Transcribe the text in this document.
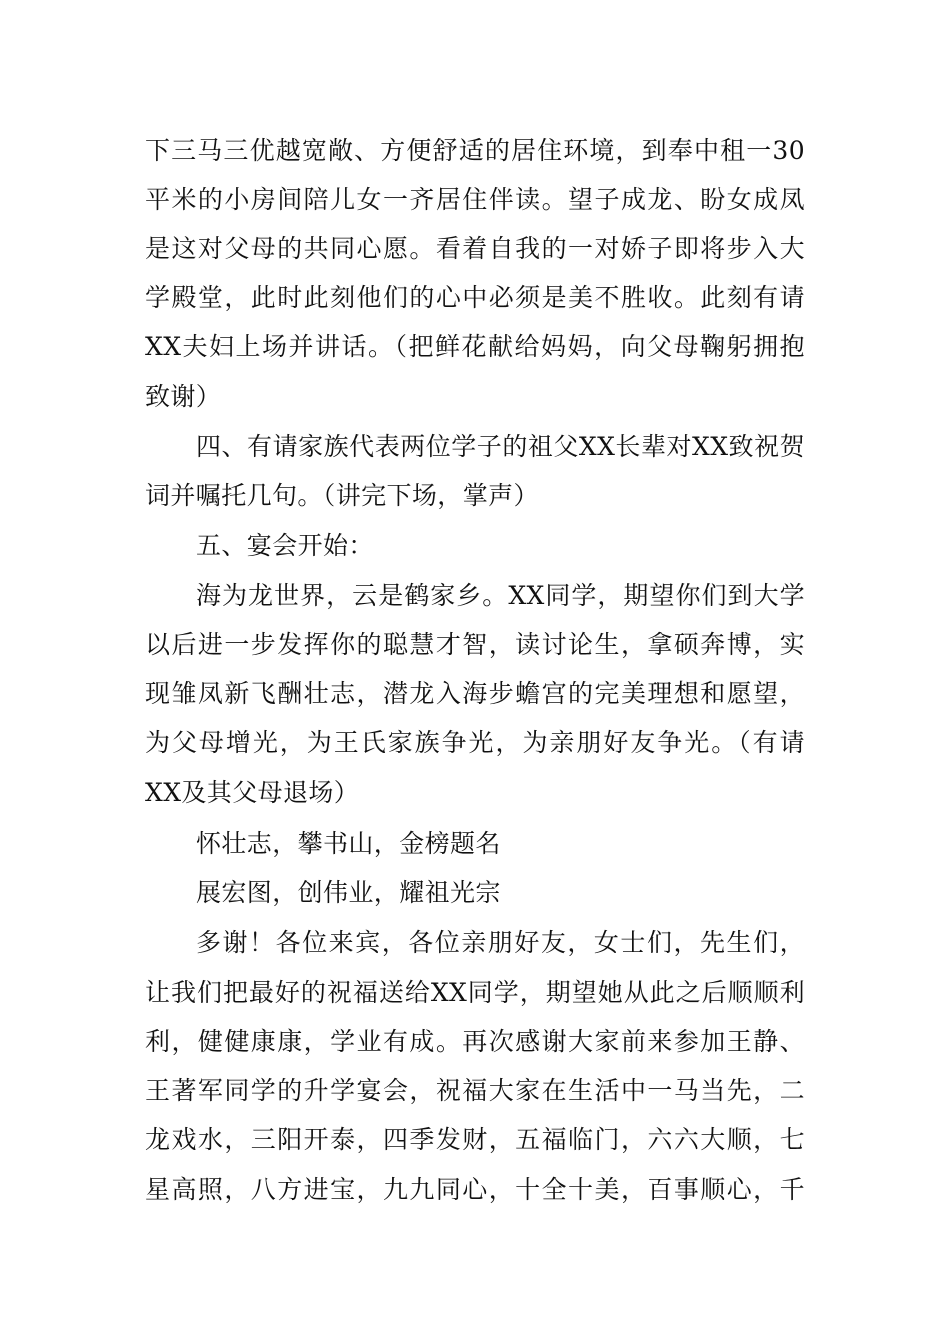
下三马三优越宽敞、方便舒适的居住环境，到奉中租一30
平米的小房间陪儿女一齐居住伴读。望子成龙、盼女成凤
是这对父母的共同心愿。看着自我的一对娇子即将步入大
学殿堂，此时此刻他们的心中必须是美不胜收。此刻有请
XX夫妇上场并讲话。（把鲜花献给妈妈，向父母鞠躬拥抱
致谢）
四、有请家族代表两位学子的祖父XX长辈对XX致祝贺
词并嘱托几句。（讲完下场，掌声）
五、宴会开始：
海为龙世界，云是鹤家乡。XX同学，期望你们到大学
以后进一步发挥你的聪慧才智，读讨论生，拿硕奔博，实
现雏凤新飞酬壮志，潜龙入海步蟾宫的完美理想和愿望，
为父母增光，为王氏家族争光，为亲朋好友争光。（有请
XX及其父母退场）
怀壮志，攀书山，金榜题名
展宏图，创伟业，耀祖光宗
多谢！各位来宾，各位亲朋好友，女士们，先生们，
让我们把最好的祝福送给XX同学，期望她从此之后顺顺利
利，健健康康，学业有成。再次感谢大家前来参加王静、
王著军同学的升学宴会，祝福大家在生活中一马当先，二
龙戏水，三阳开泰，四季发财，五福临门，六六大顺，七
星高照，八方进宝，九九同心，十全十美，百事顺心，千
